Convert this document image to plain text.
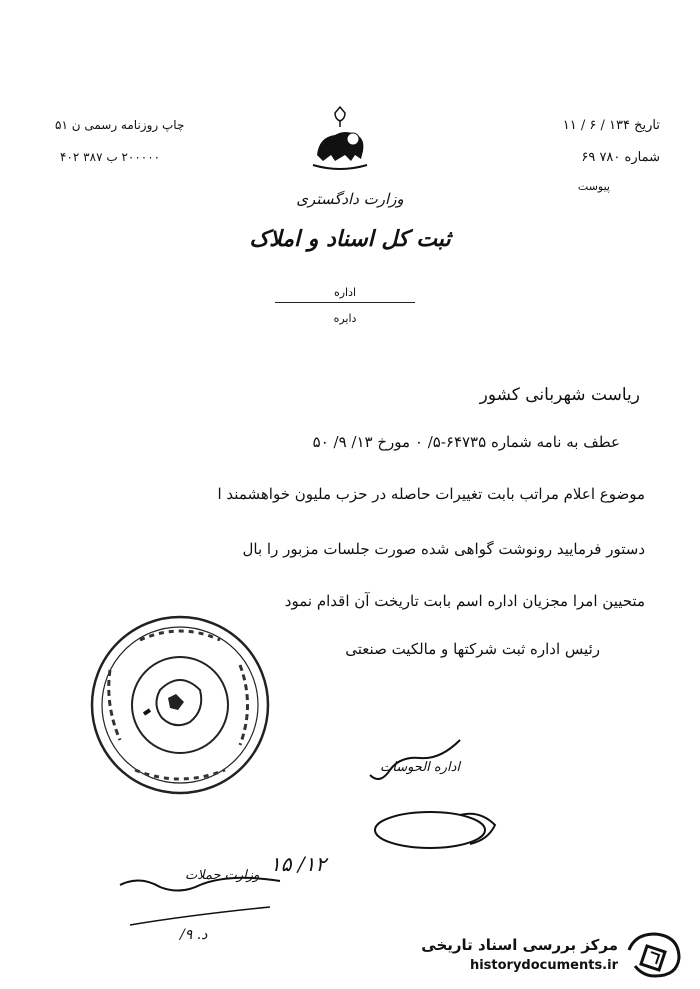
چاپ روزنامه رسمی ن ۵۱
۲۰۰۰۰۰ ب ۳۸۷ ۴۰۲
تاریخ ۱۳۴ / ۶ / ۱۱
شماره ۷۸۰ ۶۹
پیوست
وزارت دادگستری
ثبت کل اسناد و املاک
اداره
دایره
ریاست شهربانی کشور
عطف به نامه شماره ۶۴۷۳۵-۵/ ۰ مورخ ۱۳/ ۹/ ۵۰
موضوع اعلام مراتب بابت تغییرات حاصله در حزب ملیون خواهشمند ا
دستور فرمایید رونوشت گواهی شده صورت جلسات مزبور را بال
متحیین امرا مجزیان اداره اسم بابت تاریخت آن اقدام نمود
رئیس اداره ثبت شرکتها و مالکیت صنعتی
اداره الحوسات
۱۵ /۱۲
وزارت حملات
د. ۹/
مرکز بررسی اسناد تاریخی
historydocuments.ir
